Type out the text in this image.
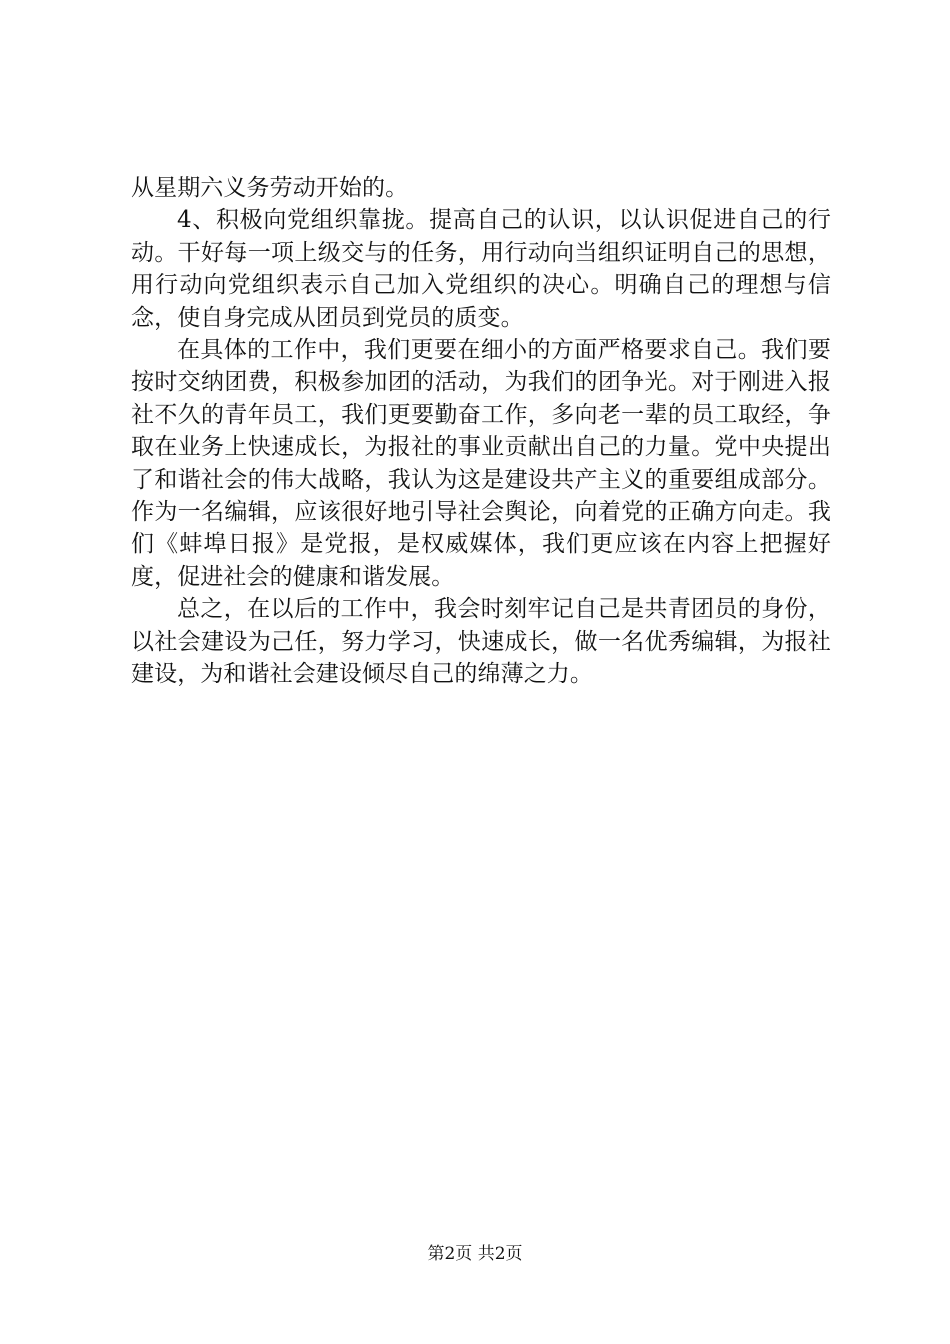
从星期六义务劳动开始的。

4、积极向党组织靠拢。提高自己的认识，以认识促进自己的行动。干好每一项上级交与的任务，用行动向当组织证明自己的思想，用行动向党组织表示自己加入党组织的决心。明确自己的理想与信念，使自身完成从团员到党员的质变。

在具体的工作中，我们更要在细小的方面严格要求自己。我们要按时交纳团费，积极参加团的活动，为我们的团争光。对于刚进入报社不久的青年员工，我们更要勤奋工作，多向老一辈的员工取经，争取在业务上快速成长，为报社的事业贡献出自己的力量。党中央提出了和谐社会的伟大战略，我认为这是建设共产主义的重要组成部分。作为一名编辑，应该很好地引导社会舆论，向着党的正确方向走。我们《蚌埠日报》是党报，是权威媒体，我们更应该在内容上把握好度，促进社会的健康和谐发展。

总之，在以后的工作中，我会时刻牢记自己是共青团员的身份，以社会建设为己任，努力学习，快速成长，做一名优秀编辑，为报社建设，为和谐社会建设倾尽自己的绵薄之力。

第2页 共2页
